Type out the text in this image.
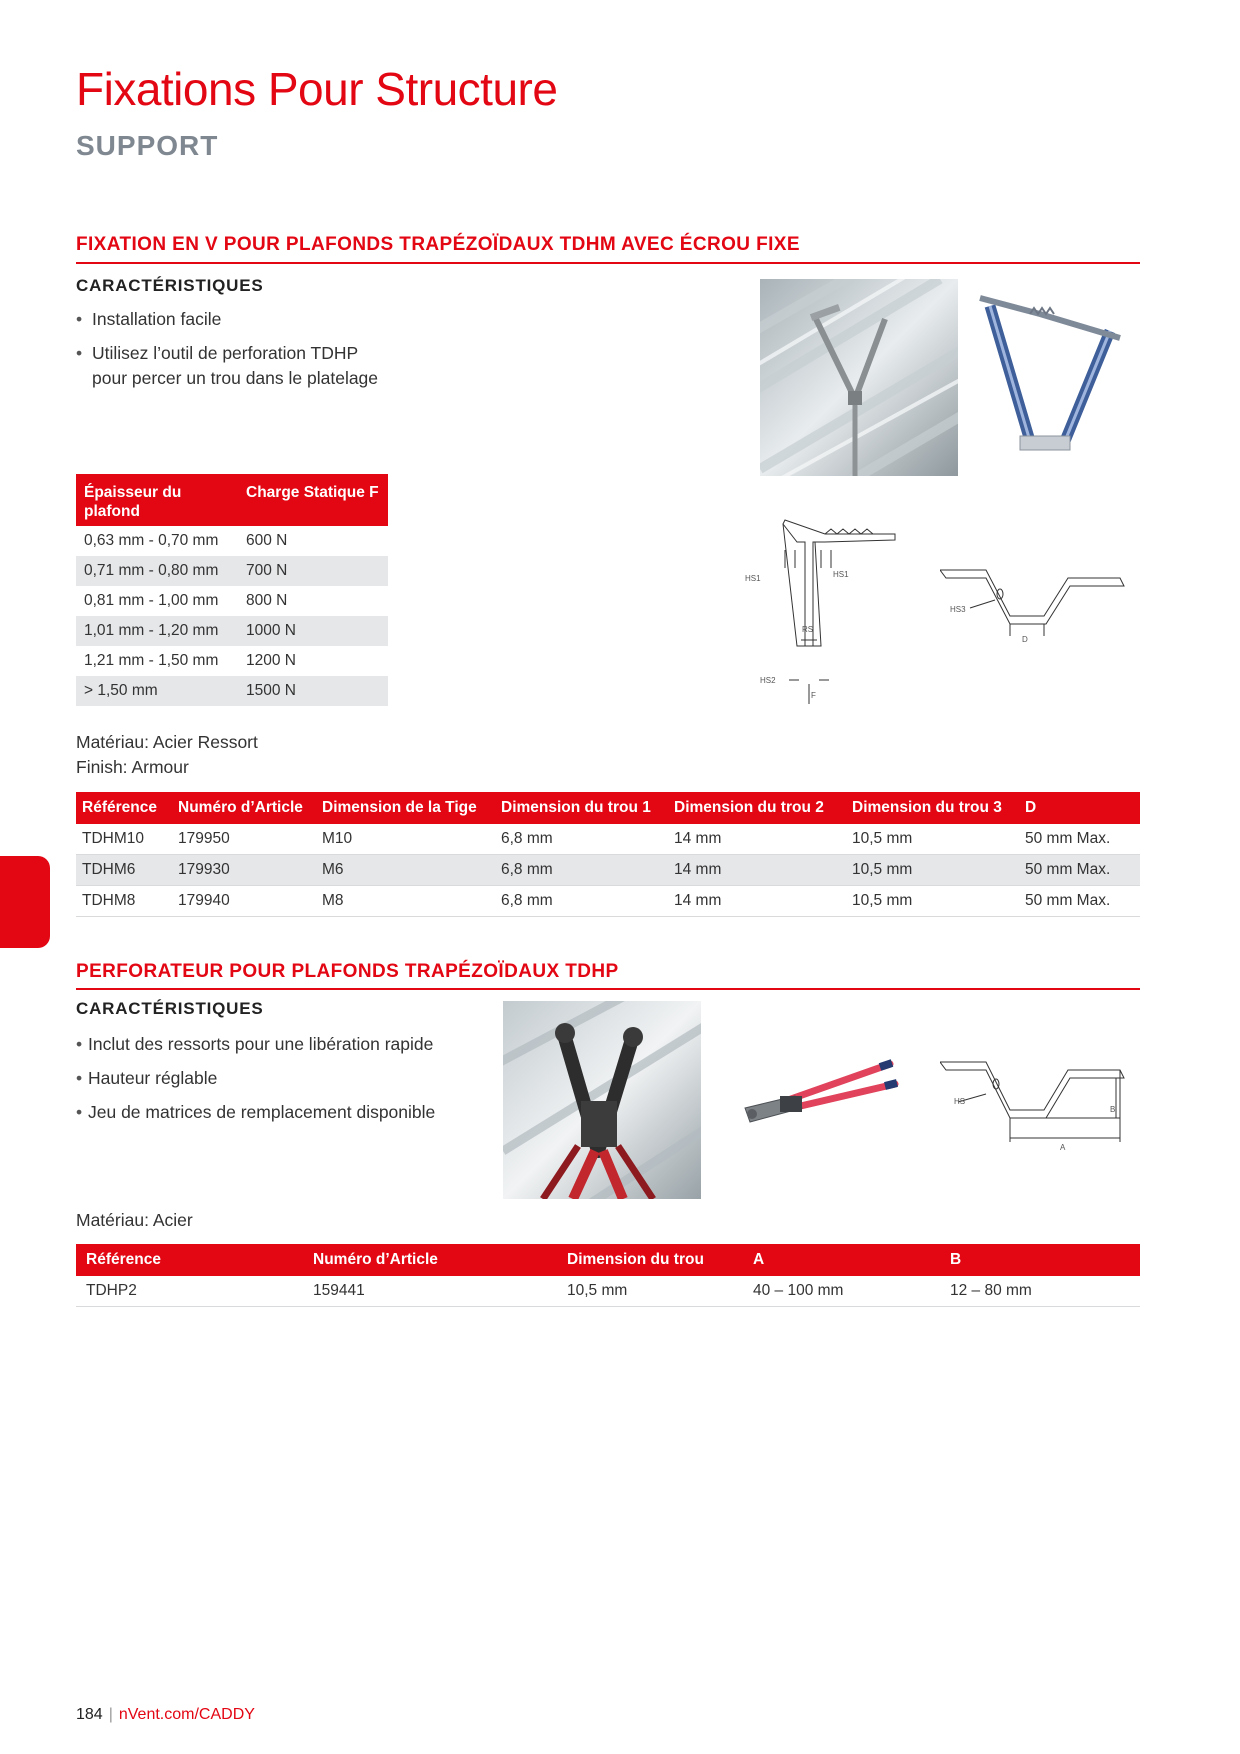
Fixations Pour Structure
SUPPORT
FIXATION EN V POUR PLAFONDS TRAPÉZOÏDAUX TDHM AVEC ÉCROU FIXE
CARACTÉRISTIQUES
• Installation facile
• Utilisez l’outil de perforation TDHP pour percer un trou dans le platelage
Épaisseur du plafond	Charge Statique F
0,63 mm - 0,70 mm	600 N
0,71 mm - 0,80 mm	700 N
0,81 mm - 1,00 mm	800 N
1,01 mm - 1,20 mm	1000 N
1,21 mm - 1,50 mm	1200 N
> 1,50 mm	1500 N
HS1	HS1
RS
HS2
F
HS3
D
Matériau: Acier Ressort
Finish: Armour
Référence	Numéro d’Article	Dimension de la Tige	Dimension du trou 1	Dimension du trou 2	Dimension du trou 3	D
TDHM10	179950	M10	6,8 mm	14 mm	10,5 mm	50 mm Max.
TDHM6	179930	M6	6,8 mm	14 mm	10,5 mm	50 mm Max.
TDHM8	179940	M8	6,8 mm	14 mm	10,5 mm	50 mm Max.
PERFORATEUR POUR PLAFONDS TRAPÉZOÏDAUX TDHP
CARACTÉRISTIQUES
• Inclut des ressorts pour une libération rapide
• Hauteur réglable
• Jeu de matrices de remplacement disponible
HS
A
B
Matériau: Acier
Référence	Numéro d’Article	Dimension du trou	A	B
TDHP2	159441	10,5 mm	40 – 100 mm	12 – 80 mm
184 | nVent.com/CADDY
